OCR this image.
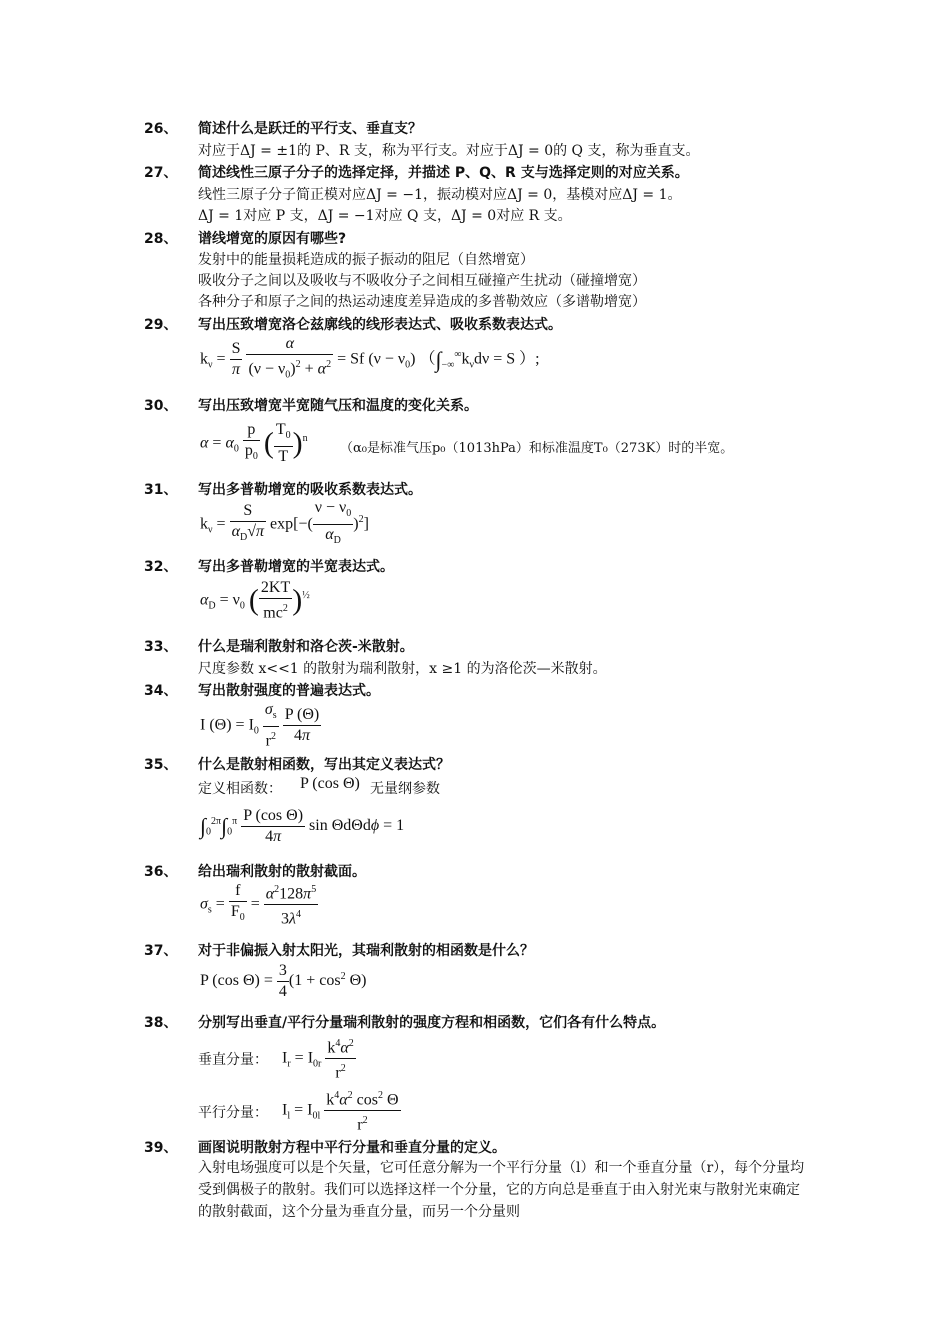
26、 简述什么是跃迁的平行支、垂直支？
对应于ΔJ = ±1的 P、R 支，称为平行支。对应于ΔJ = 0的 Q 支，称为垂直支。
27、 简述线性三原子分子的选择定择，并描述 P、Q、R 支与选择定则的对应关系。
线性三原子分子简正模对应ΔJ = −1，振动模对应ΔJ = 0，基模对应ΔJ = 1。
ΔJ = 1对应 P 支，ΔJ = −1对应 Q 支，ΔJ = 0对应 R 支。
28、 谱线增宽的原因有哪些?
发射中的能量损耗造成的振子振动的阻尼（自然增宽）
吸收分子之间以及吸收与不吸收分子之间相互碰撞产生扰动（碰撞增宽）
各种分子和原子之间的热运动速度差异造成的多普勒效应（多谱勒增宽）
29、 写出压致增宽洛仑兹廓线的线形表达式、吸收系数表达式。
$k_\nu = \frac{S}{\pi}$
$\frac{\alpha}{(\nu - \nu_0)^2 + \alpha^2} = Sf$ $(\nu - \nu_0)$ （$\int_{-\infty}^\infty k_\nu d\nu = S$ ）;
30、 写出压致增宽半宽随气压和温度的变化关系。
$\alpha = \alpha_0 \frac{p}{p_0}$ ( $\frac{T_0}{T} )^n$
（α₀是标准气压p₀（1013hPa）和标准温度T₀（273K）时的半宽。
31、 写出多普勒增宽的吸收系数表达式。
$k_\nu = \frac{S}{\alpha_D√\pi} \exp[-( \frac{\nu - \nu_0}{\alpha_D} )^2]$
32、 写出多普勒增宽的半宽表达式。
$\alpha_D = \nu_0$ ( $\frac{2KT}{mc^2} )^{\frac{1}{2}}$
33、 什么是瑞利散射和洛仑茨-米散射。
尺度参数 x<<1 的散射为瑞利散射，x ≥1 的为洛伦茨—米散射。
34、 写出散射强度的普遍表达式。
I $(\Theta) = I_0 \frac{\sigma_s}{r^2}$
$\frac{P (\Theta)}{4\pi}$
35、 什么是散射相函数，写出其定义表达式？
定义相函数： P (cos Θ) 无量纲参数
$\int_0^{2\pi}\int_0^\pi \frac{\text{P (cos Θ)}}{4\pi}$ sin ΘdΘdϕ = 1
36、 给出瑞利散射的散射截面。
$\sigma_s = \frac{f}{F_0} = \frac{\alpha^2128\pi^5}{3\lambda^4}$
37、 对于非偏振入射太阳光，其瑞利散射的相函数是什么？
P (cos $\Theta) = \frac{3}{4} (1 + \cos^2 \Theta)$
38、 分别写出垂直/平行分量瑞利散射的强度方程和相函数，它们各有什么特点。
垂直分量： $I_r = I_{0r} \frac{k^4\alpha^2}{r^2}$
平行分量： $I_l = I_{0l} \frac{k^4\alpha^2 \cos^2 \Theta}{r^2}$
39、 画图说明散射方程中平行分量和垂直分量的定义。
入射电场强度可以是个矢量，它可任意分解为一个平行分量（l）和一个垂直分量（r），每个分量均受到偶极子的散射。我们可以选择这样一个分量，它的方向总是垂直于由入射光束与散射光束确定的散射截面，这个分量为垂直分量，而另一个分量则
